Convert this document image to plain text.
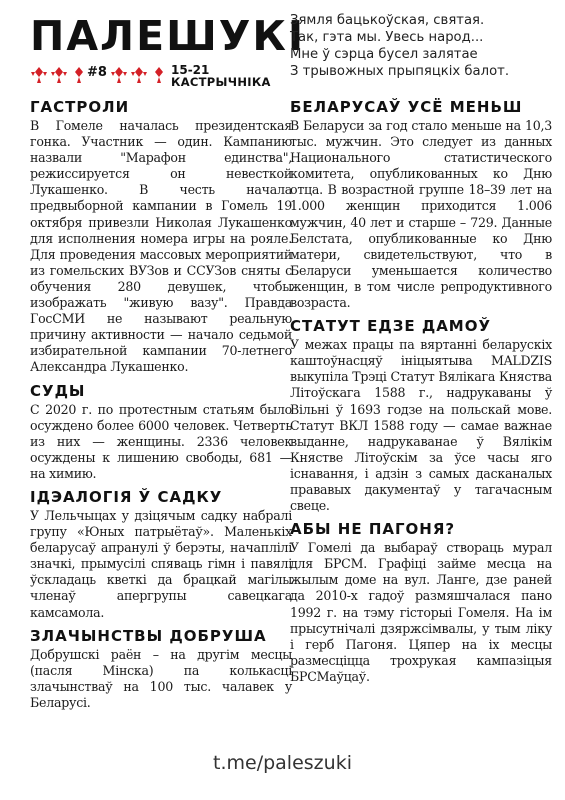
ПАЛЕШУКІ
#8	15-21
КАСТРЫЧНІКА
Зямля бацькоўская, святая.
Так, гэта мы. Увесь народ...
Мне ў сэрца бусел залятае
З трывожных прыпяцкіх балот.
ГАСТРОЛИ
В Гомеле началась президентская гонка. Участник — один. Кампанию назвали "Марафон единства", режиссируется он невесткой Лукашенко. В честь начала предвыборной кампании в Гомель 19 октября привезли Николая Лукашенко для исполнения номера игры на рояле. Для проведения массовых мероприятий из гомельских ВУЗов и ССУЗов сняты с обучения 280 девушек, чтобы изображать "живую вазу". Правда ГосСМИ не называют реальную причину активности — начало седьмой избирательной кампании 70-летнего Александра Лукашенко.
СУДЫ
С 2020 г. по протестным статьям было осуждено более 6000 человек. Четверть из них — женщины. 2336 человек осуждены к лишению свободы, 681 — на химию.
ІДЭАЛОГІЯ Ў САДКУ
У Лельчыцах у дзіцячым садку набралі групу «Юных патрыётаў». Маленькіх беларусаў апранулі ў берэты, начаплілі значкі, прымусілі спяваць гімн і павялі ўскладаць кветкі да брацкай магілы членаў апергрупы савецкага камсамола.
ЗЛАЧЫНСТВЫ ДОБРУША
Добрушскі раён – на другім месцы (пасля Мінска) па колькасці злачынстваў на 100 тыс. чалавек у Беларусі.
БЕЛАРУСАЎ УСЁ МЕНЬШ
В Беларуси за год стало меньше на 10,3 тыс. мужчин. Это следует из данных Национального статистического комитета, опубликованных ко Дню отца. В возрастной группе 18–39 лет на 1.000 женщин приходится 1.006 мужчин, 40 лет и старше – 729. Данные Белстата, опубликованные ко Дню матери, свидетельствуют, что в Беларуси уменьшается количество женщин, в том числе репродуктивного возраста.
СТАТУТ ЕДЗЕ ДАМОЎ
У межах працы па вяртанні беларускіх каштоўнасцяў ініцыятыва MALDZIS выкупіла Трэці Статут Вялікага Княства Літоўскага 1588 г., надрукаваны ў Вільні ў 1693 годзе на польскай мове. Статут ВКЛ 1588 году — самае важнае выданне, надрукаванае ў Вялікім Княстве Літоўскім за ўсе часы яго існавання, і адзін з самых дасканалых прававых дакументаў у тагачасным свеце.
АБЫ НЕ ПАГОНЯ?
У Гомелі да выбараў створаць мурал для БРСМ. Графіці займе месца на жылым доме на вул. Ланге, дзе раней да 2010-х гадоў размяшчалася пано 1992 г. на тэму гісторыі Гомеля. На ім прысутнічалі дзяржсімвалы, у тым ліку і герб Пагоня. Цяпер на іх месцы размесціцца трохрукая кампазіцыя БРСМаўцаў.
t.me/paleszuki
